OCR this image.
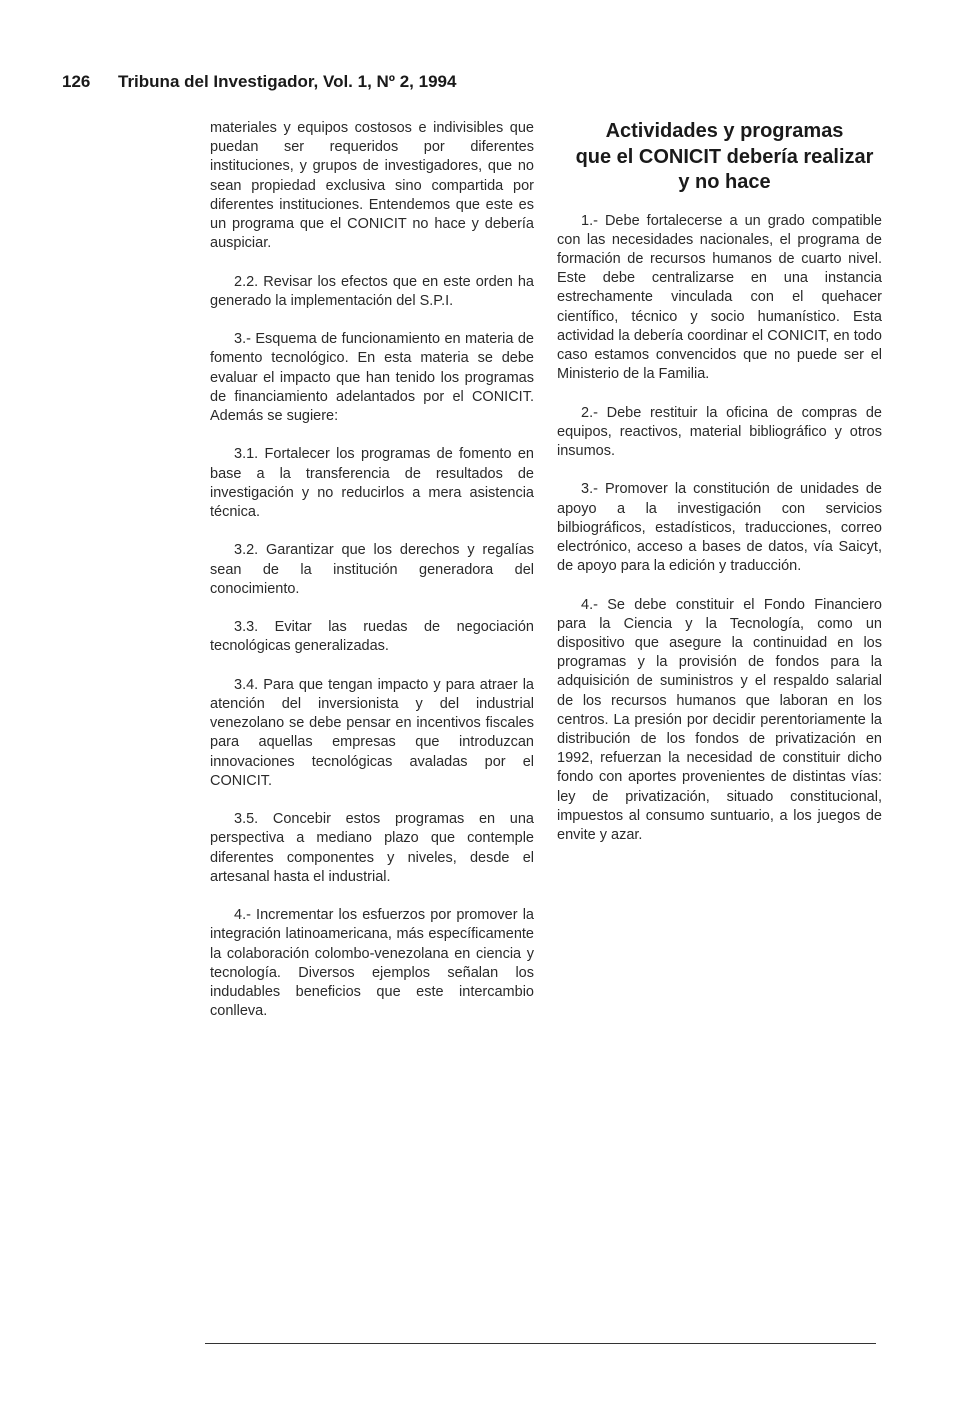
126 Tribuna del Investigador, Vol. 1, Nº 2, 1994

materiales y equipos costosos e indivisibles que puedan ser requeridos por diferentes instituciones, y grupos de investigadores, que no sean propiedad exclusiva sino compartida por diferentes instituciones. Entendemos que este es un programa que el CONICIT no hace y debería auspiciar.

2.2. Revisar los efectos que en este orden ha generado la implementación del S.P.I.

3.- Esquema de funcionamiento en materia de fomento tecnológico. En esta materia se debe evaluar el impacto que han tenido los programas de financiamiento adelantados por el CONICIT. Además se sugiere:

3.1. Fortalecer los programas de fomento en base a la transferencia de resultados de investigación y no reducirlos a mera asistencia técnica.

3.2. Garantizar que los derechos y regalías sean de la institución generadora del conocimiento.

3.3. Evitar las ruedas de negociación tecnológicas generalizadas.

3.4. Para que tengan impacto y para atraer la atención del inversionista y del industrial venezolano se debe pensar en incentivos fiscales para aquellas empresas que introduzcan innovaciones tecnológicas avaladas por el CONICIT.

3.5. Concebir estos programas en una perspectiva a mediano plazo que contemple diferentes componentes y niveles, desde el artesanal hasta el industrial.

4.- Incrementar los esfuerzos por promover la integración latinoamericana, más específicamente la colaboración colombo-venezolana en ciencia y tecnología. Diversos ejemplos señalan los indudables beneficios que este intercambio conlleva.

Actividades y programas
que el CONICIT debería realizar
y no hace

1.- Debe fortalecerse a un grado compatible con las necesidades nacionales, el programa de formación de recursos humanos de cuarto nivel. Este debe centralizarse en una instancia estrechamente vinculada con el quehacer científico, técnico y socio humanístico. Esta actividad la debería coordinar el CONICIT, en todo caso estamos convencidos que no puede ser el Ministerio de la Familia.

2.- Debe restituir la oficina de compras de equipos, reactivos, material bibliográfico y otros insumos.

3.- Promover la constitución de unidades de apoyo a la investigación con servicios bilbiográficos, estadísticos, traducciones, correo electrónico, acceso a bases de datos, vía Saicyt, de apoyo para la edición y traducción.

4.- Se debe constituir el Fondo Financiero para la Ciencia y la Tecnología, como un dispositivo que asegure la continuidad en los programas y la provisión de fondos para la adquisición de suministros y el respaldo salarial de los recursos humanos que laboran en los centros. La presión por decidir perentoriamente la distribución de los fondos de privatización en 1992, refuerzan la necesidad de constituir dicho fondo con aportes provenientes de distintas vías: ley de privatización, situado constitucional, impuestos al consumo suntuario, a los juegos de envite y azar.
